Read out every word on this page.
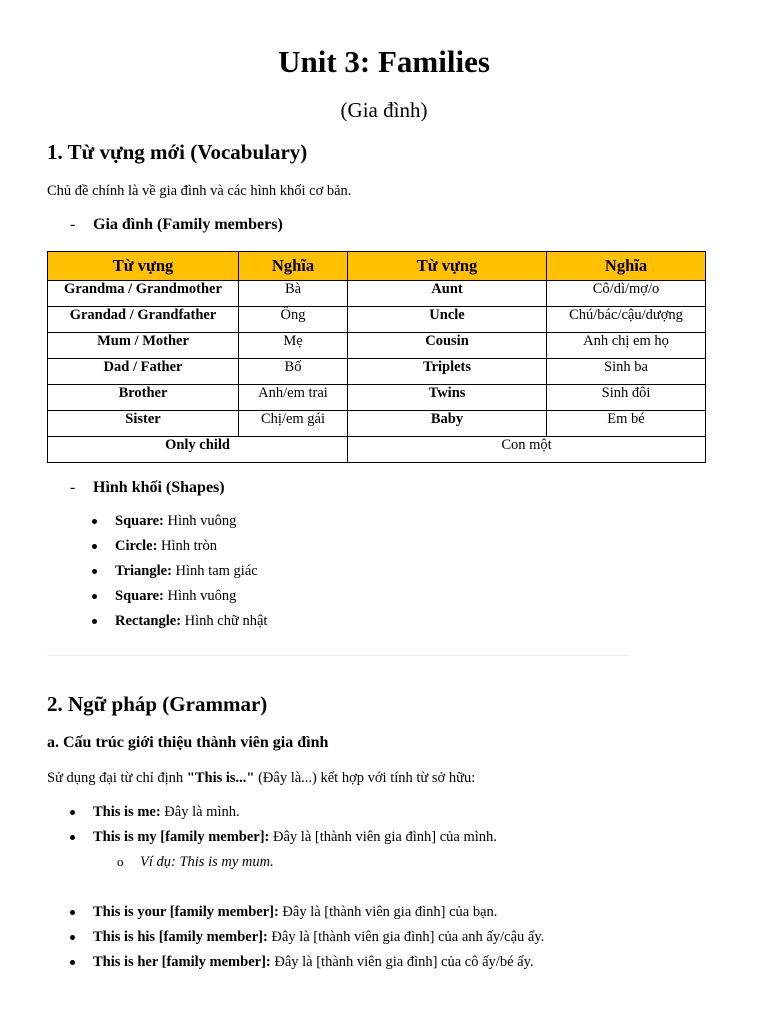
Unit 3: Families
(Gia đình)
1. Từ vựng mới (Vocabulary)
Chủ đề chính là về gia đình và các hình khối cơ bản.
- Gia đình (Family members)
Từ vựng	Nghĩa	Từ vựng	Nghĩa
Grandma / Grandmother	Bà	Aunt	Cô/dì/mợ/o
Grandad / Grandfather	Ông	Uncle	Chú/bác/cậu/dượng
Mum / Mother	Mẹ	Cousin	Anh chị em họ
Dad / Father	Bố	Triplets	Sinh ba
Brother	Anh/em trai	Twins	Sinh đôi
Sister	Chị/em gái	Baby	Em bé
Only child		Con một	
- Hình khối (Shapes)
Square: Hình vuông
Circle: Hình tròn
Triangle: Hình tam giác
Square: Hình vuông
Rectangle: Hình chữ nhật
2. Ngữ pháp (Grammar)
a. Cấu trúc giới thiệu thành viên gia đình
Sử dụng đại từ chỉ định "This is..." (Đây là...) kết hợp với tính từ sở hữu:
This is me: Đây là mình.
This is my [family member]: Đây là [thành viên gia đình] của mình.
This is your [family member]: Đây là [thành viên gia đình] của bạn.
This is his [family member]: Đây là [thành viên gia đình] của anh ấy/cậu ấy.
This is her [family member]: Đây là [thành viên gia đình] của cô ấy/bé ấy.
o Ví dụ: This is my mum.
